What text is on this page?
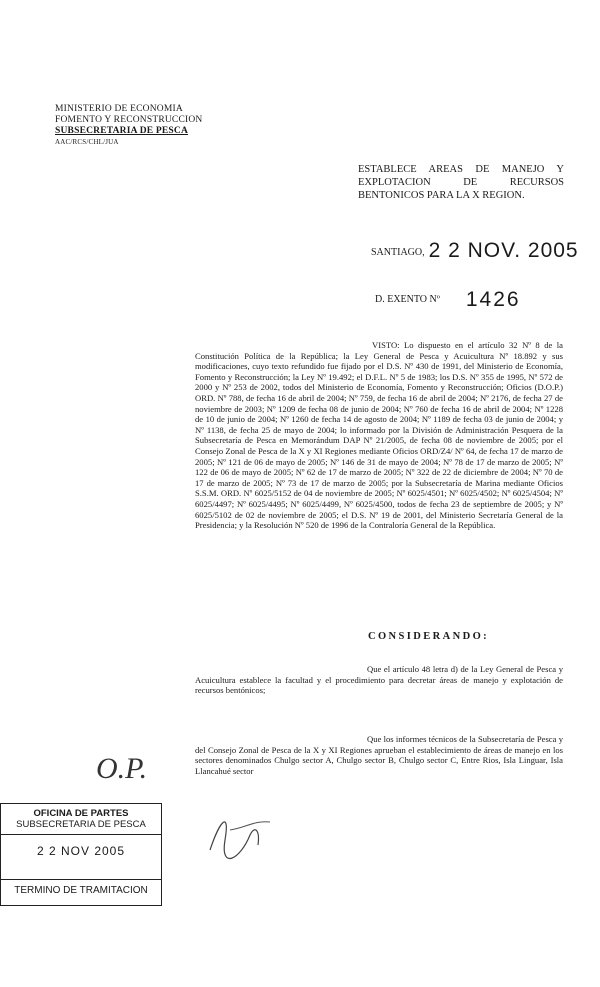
MINISTERIO DE ECONOMIA
FOMENTO Y RECONSTRUCCION
SUBSECRETARIA DE PESCA
AAC/RCS/CHL/JUA
ESTABLECE AREAS DE MANEJO Y
EXPLOTACION DE RECURSOS
BENTONICOS PARA LA X REGION.
SANTIAGO, 2 2 NOV. 2005
D. EXENTO Nº 1426
VISTO: Lo dispuesto en el artículo 32 Nº 8 de la Constitución Política de la República; la Ley General de Pesca y Acuicultura Nº 18.892 y sus modificaciones, cuyo texto refundido fue fijado por el D.S. Nº 430 de 1991, del Ministerio de Economía, Fomento y Reconstrucción; la Ley Nº 19.492; el D.F.L. Nº 5 de 1983; los D.S. Nº 355 de 1995, Nº 572 de 2000 y Nº 253 de 2002, todos del Ministerio de Economía, Fomento y Reconstrucción; Oficios (D.O.P.) ORD. Nº 788, de fecha 16 de abril de 2004; Nº 759, de fecha 16 de abril de 2004; Nº 2176, de fecha 27 de noviembre de 2003; Nº 1209 de fecha 08 de junio de 2004; Nº 760 de fecha 16 de abril de 2004; Nº 1228 de 10 de junio de 2004; Nº 1260 de fecha 14 de agosto de 2004; Nº 1189 de fecha 03 de junio de 2004; y Nº 1138, de fecha 25 de mayo de 2004; lo informado por la División de Administración Pesquera de la Subsecretaría de Pesca en Memorándum DAP Nº 21/2005, de fecha 08 de noviembre de 2005; por el Consejo Zonal de Pesca de la X y XI Regiones mediante Oficios ORD/Z4/ Nº 64, de fecha 17 de marzo de 2005; Nº 121 de 06 de mayo de 2005; Nº 146 de 31 de mayo de 2004; Nº 78 de 17 de marzo de 2005; Nº 122 de 06 de mayo de 2005; Nº 62 de 17 de marzo de 2005; Nº 322 de 22 de diciembre de 2004; Nº 70 de 17 de marzo de 2005; Nº 73 de 17 de marzo de 2005; por la Subsecretaría de Marina mediante Oficios S.S.M. ORD. Nº 6025/5152 de 04 de noviembre de 2005; Nº 6025/4501; Nº 6025/4502; Nº 6025/4504; Nº 6025/4497; Nº 6025/4495; Nº 6025/4499, Nº 6025/4500, todos de fecha 23 de septiembre de 2005; y Nº 6025/5102 de 02 de noviembre de 2005; el D.S. Nº 19 de 2001, del Ministerio Secretaría General de la Presidencia; y la Resolución Nº 520 de 1996 de la Contraloría General de la República.
CONSIDERANDO:
Que el artículo 48 letra d) de la Ley General de Pesca y Acuicultura establece la facultad y el procedimiento para decretar áreas de manejo y explotación de recursos bentónicos;
Que los informes técnicos de la Subsecretaría de Pesca y del Consejo Zonal de Pesca de la X y XI Regiones aprueban el establecimiento de áreas de manejo en los sectores denominados Chulgo sector A, Chulgo sector B, Chulgo sector C, Entre Rios, Isla Linguar, Isla Llancahué sector
O.P.
OFICINA DE PARTES
SUBSECRETARIA DE PESCA
2 2 NOV 2005
TERMINO DE TRAMITACION
